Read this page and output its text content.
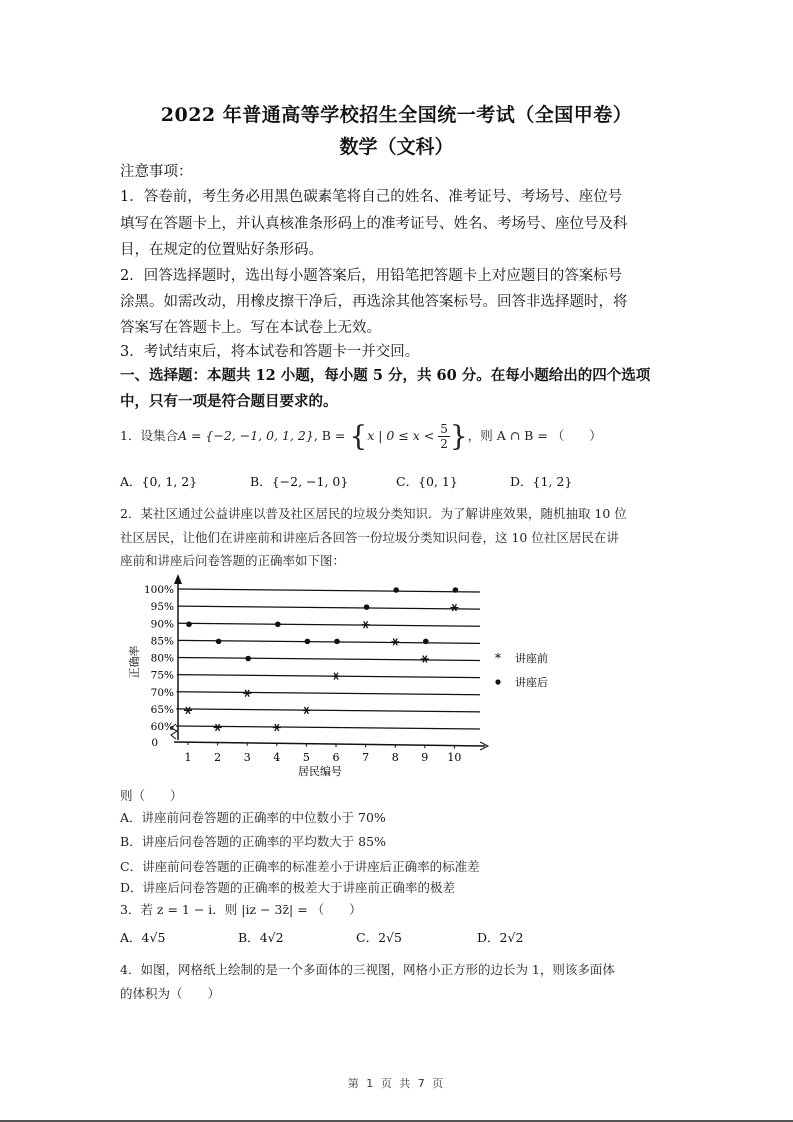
2022 年普通高等学校招生全国统一考试（全国甲卷）
数学（文科）
注意事项：
1．答卷前，考生务必用黑色碳素笔将自己的姓名、准考证号、考场号、座位号
填写在答题卡上，并认真核准条形码上的准考证号、姓名、考场号、座位号及科
目，在规定的位置贴好条形码。
2．回答选择题时，选出每小题答案后，用铅笔把答题卡上对应题目的答案标号
涂黑。如需改动，用橡皮擦干净后，再选涂其他答案标号。回答非选择题时，将
答案写在答题卡上。写在本试卷上无效。
3．考试结束后，将本试卷和答题卡一并交回。
一、选择题：本题共 12 小题，每小题 5 分，共 60 分。在每小题给出的四个选项
中，只有一项是符合题目要求的。
1．设集合A = {−2, −1, 0, 1, 2}, B = {x | $0 \le x < \frac{5}{2}$ }，则 A ∩ B = （　　）
A．{0, 1, 2}	B．{−2, −1, 0}	C．{0, 1}	D．{1, 2}
2．某社区通过公益讲座以普及社区居民的垃圾分类知识．为了解讲座效果，随机抽取 10 位
社区居民，让他们在讲座前和讲座后各回答一份垃圾分类知识问卷，这 10 位社区居民在讲
座前和讲座后问卷答题的正确率如下图：
正确率
60%
65%
70%
75%
80%
85%
90%
95%
100%
0
1 2 3 4 5 6 7 8 9 10
居民编号
* 讲座前
讲座后
则（　　）
A．讲座前问卷答题的正确率的中位数小于 70%
B．讲座后问卷答题的正确率的平均数大于 85%
C．讲座前问卷答题的正确率的标准差小于讲座后正确率的标准差
D．讲座后问卷答题的正确率的极差大于讲座前正确率的极差
3．若 z = 1 − i．则 |iz − 3z̄| = （　　）
A．4√5	B．4√2	C．2√5	D．2√2
4．如图，网格纸上绘制的是一个多面体的三视图，网格小正方形的边长为 1，则该多面体
的体积为（　　）
第 1 页 共 7 页
